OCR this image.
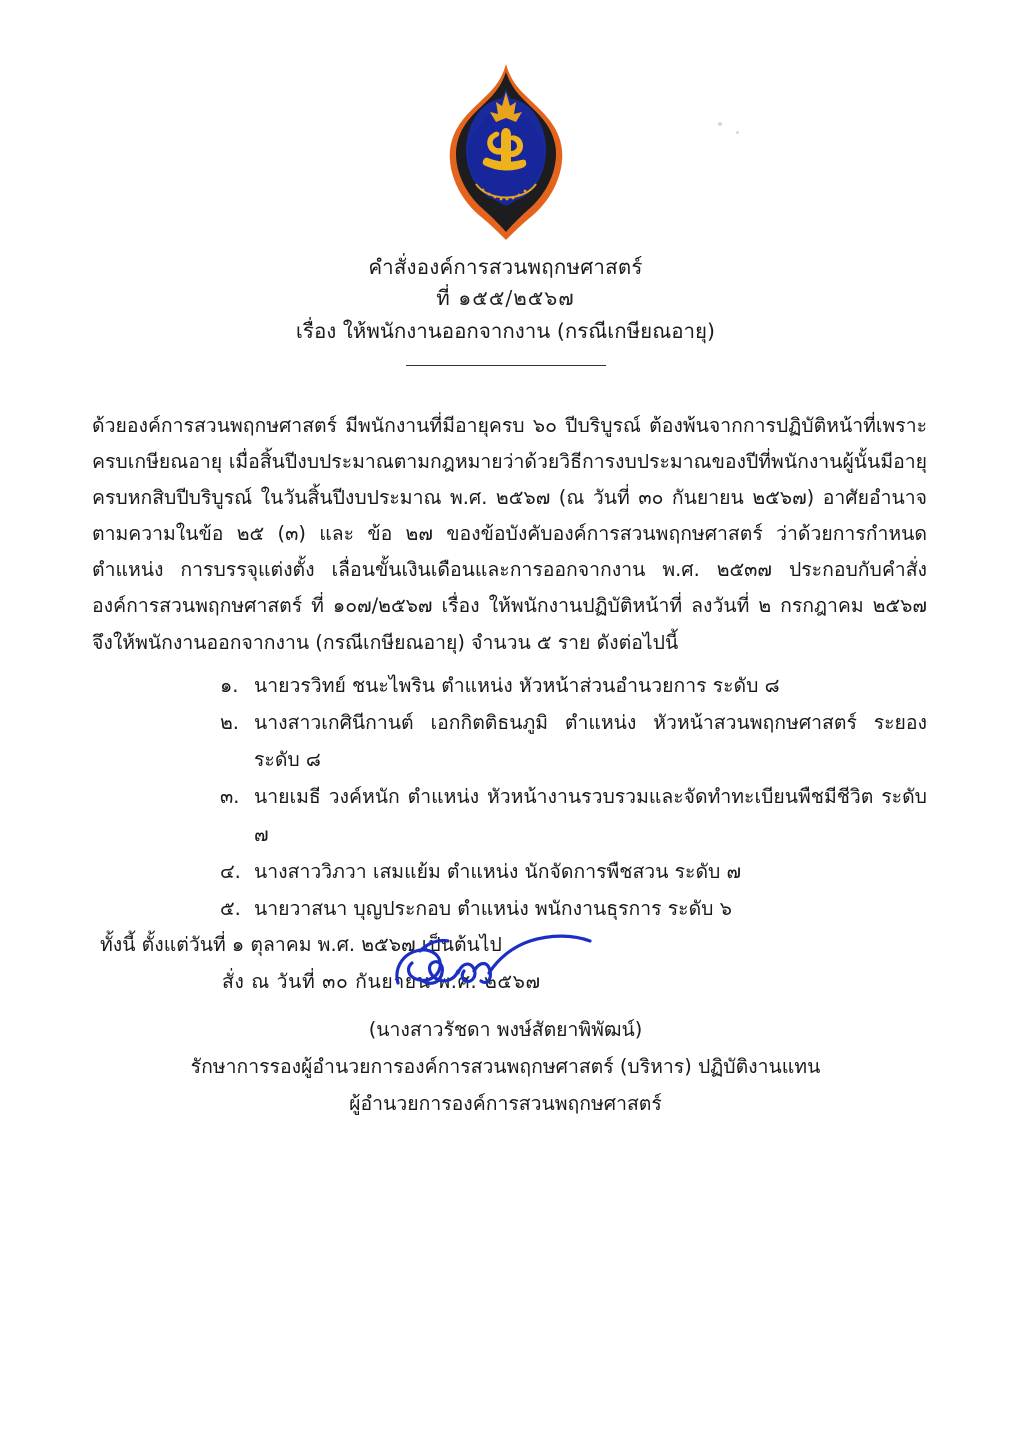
คำสั่งองค์การสวนพฤกษศาสตร์
ที่ ๑๕๕/๒๕๖๗
เรื่อง ให้พนักงานออกจากงาน (กรณีเกษียณอายุ)

ด้วยองค์การสวนพฤกษศาสตร์ มีพนักงานที่มีอายุครบ ๖๐ ปีบริบูรณ์ ต้องพ้นจากการปฏิบัติหน้าที่เพราะครบเกษียณอายุ เมื่อสิ้นปีงบประมาณตามกฎหมายว่าด้วยวิธีการงบประมาณของปีที่พนักงานผู้นั้นมีอายุครบหกสิบปีบริบูรณ์ ในวันสิ้นปีงบประมาณ พ.ศ. ๒๕๖๗ (ณ วันที่ ๓๐ กันยายน ๒๕๖๗) อาศัยอำนาจตามความในข้อ ๒๕ (๓) และ ข้อ ๒๗ ของข้อบังคับองค์การสวนพฤกษศาสตร์ ว่าด้วยการกำหนดตำแหน่ง การบรรจุแต่งตั้ง เลื่อนขั้นเงินเดือนและการออกจากงาน พ.ศ. ๒๕๓๗ ประกอบกับคำสั่งองค์การสวนพฤกษศาสตร์ ที่ ๑๐๗/๒๕๖๗ เรื่อง ให้พนักงานปฏิบัติหน้าที่ ลงวันที่ ๒ กรกฎาคม ๒๕๖๗ จึงให้พนักงานออกจากงาน (กรณีเกษียณอายุ) จำนวน ๕ ราย ดังต่อไปนี้

๑. นายวรวิทย์ ชนะไพริน ตำแหน่ง หัวหน้าส่วนอำนวยการ ระดับ ๘
๒. นางสาวเกศินีกานต์ เอกกิตติธนภูมิ ตำแหน่ง หัวหน้าสวนพฤกษศาสตร์ ระยอง ระดับ ๘
๓. นายเมธี วงค์หนัก ตำแหน่ง หัวหน้างานรวบรวมและจัดทำทะเบียนพืชมีชีวิต ระดับ ๗
๔. นางสาววิภวา เสมแย้ม ตำแหน่ง นักจัดการพืชสวน ระดับ ๗
๕. นายวาสนา บุญประกอบ ตำแหน่ง พนักงานธุรการ ระดับ ๖

ทั้งนี้ ตั้งแต่วันที่ ๑ ตุลาคม พ.ศ. ๒๕๖๗ เป็นต้นไป

สั่ง ณ วันที่ ๓๐ กันยายน พ.ศ. ๒๕๖๗

(นางสาวรัชดา พงษ์สัตยาพิพัฒน์)
รักษาการรองผู้อำนวยการองค์การสวนพฤกษศาสตร์ (บริหาร) ปฏิบัติงานแทน
ผู้อำนวยการองค์การสวนพฤกษศาสตร์
